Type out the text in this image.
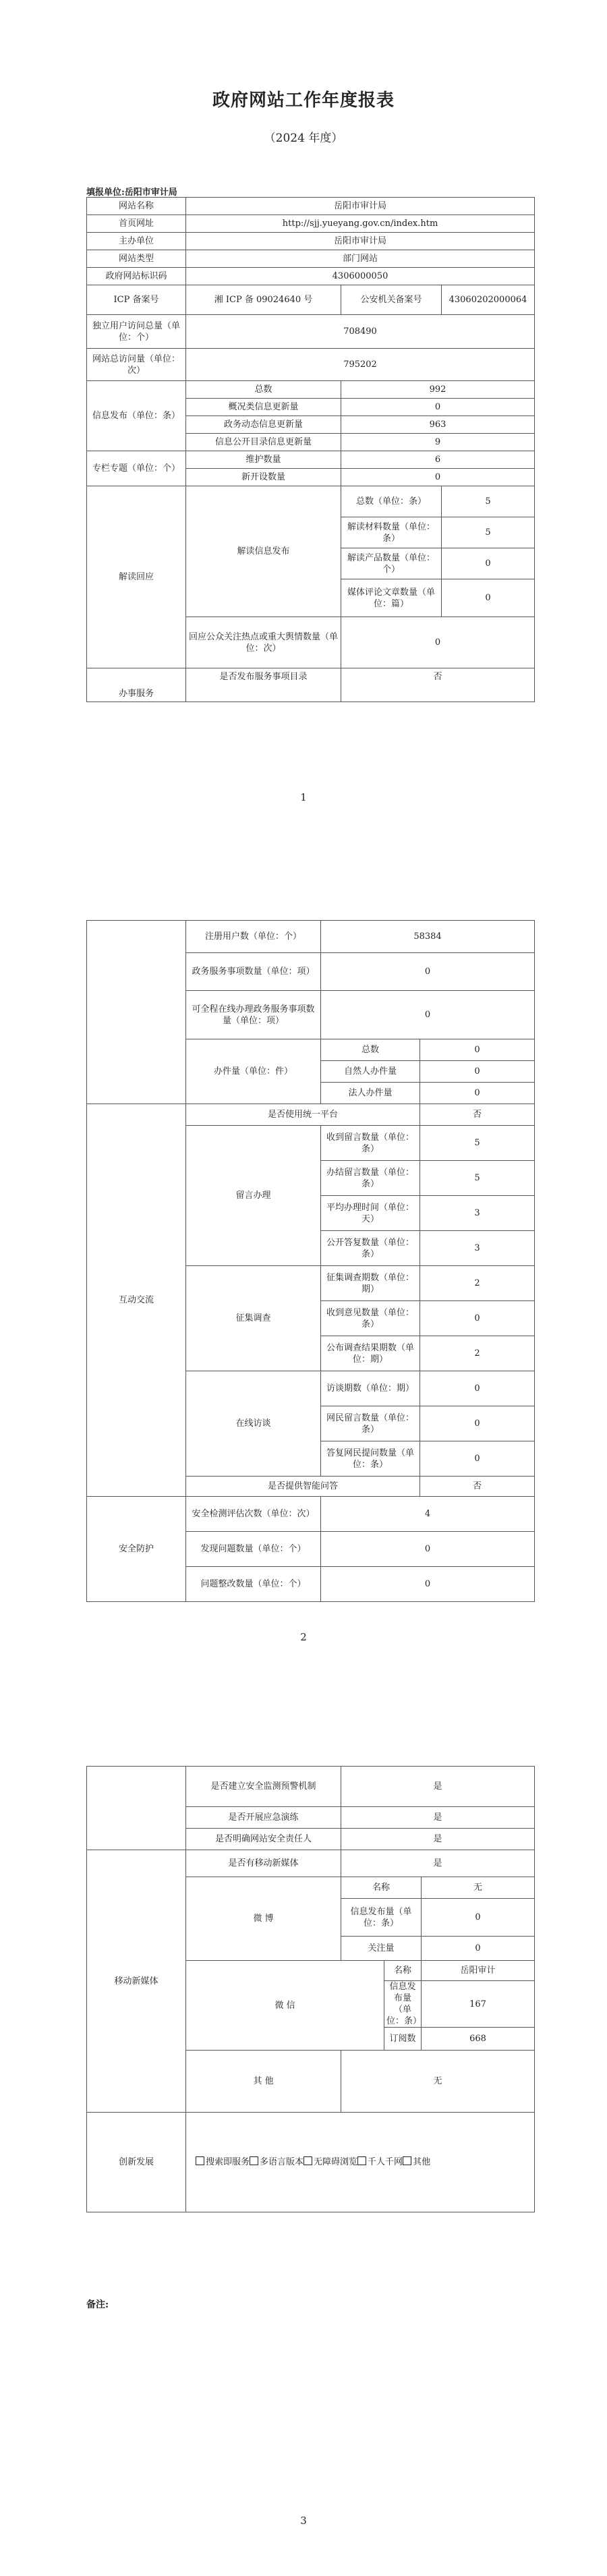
政府网站工作年度报表
（2024 年度）
填报单位:岳阳市审计局
网站名称	岳阳市审计局		
首页网址	http://sjj.yueyang.gov.cn/index.htm		
主办单位	岳阳市审计局		
网站类型	部门网站		
政府网站标识码	4306000050		
ICP 备案号	湘 ICP 备 09024640 号	公安机关备案号	43060202000064
独立用户访问总量（单位：个）	708490		
网站总访问量（单位：次）	795202		
信息发布（单位：条）	总数	992	
	概况类信息更新量	0	
	政务动态信息更新量	963	
	信息公开目录信息更新量	9	
专栏专题（单位：个）	维护数量	6	
	新开设数量	0	
解读回应	解读信息发布	总数（单位：条）	5
		解读材料数量（单位：条）	5
		解读产品数量（单位：个）	0
		媒体评论文章数量（单位：篇）	0
	回应公众关注热点或重大舆情数量（单位：次）	0	
办事服务	是否发布服务事项目录	否	
1
	注册用户数（单位：个）	58384	
	政务服务事项数量（单位：项）	0	
	可全程在线办理政务服务事项数量（单位：项）	0	
	办件量（单位：件）	总数	0
		自然人办件量	0
		法人办件量	0
互动交流	是否使用统一平台		否
	留言办理	收到留言数量（单位：条）	5
		办结留言数量（单位：条）	5
		平均办理时间（单位：天）	3
		公开答复数量（单位：条）	3
	征集调查	征集调查期数（单位：期）	2
		收到意见数量（单位：条）	0
		公布调查结果期数（单位：期）	2
	在线访谈	访谈期数（单位：期）	0
		网民留言数量（单位：条）	0
		答复网民提问数量（单位：条）	0
	是否提供智能问答		否
安全防护	安全检测评估次数（单位：次）	4	
	发现问题数量（单位：个）	0	
	问题整改数量（单位：个）	0	
2
	是否建立安全监测预警机制	是		
	是否开展应急演练	是		
	是否明确网站安全责任人	是		
移动新媒体	是否有移动新媒体	是		
	微 博	名称		无
		信息发布量（单位：条）		0
		关注量		0
	微 信		名称	岳阳审计
			信息发布量（单位：条）	167
			订阅数	668
	其 他	无		
创新发展	搜索即服务 多语言版本 无障碍浏览 千人千网 其他			
备注:
3
